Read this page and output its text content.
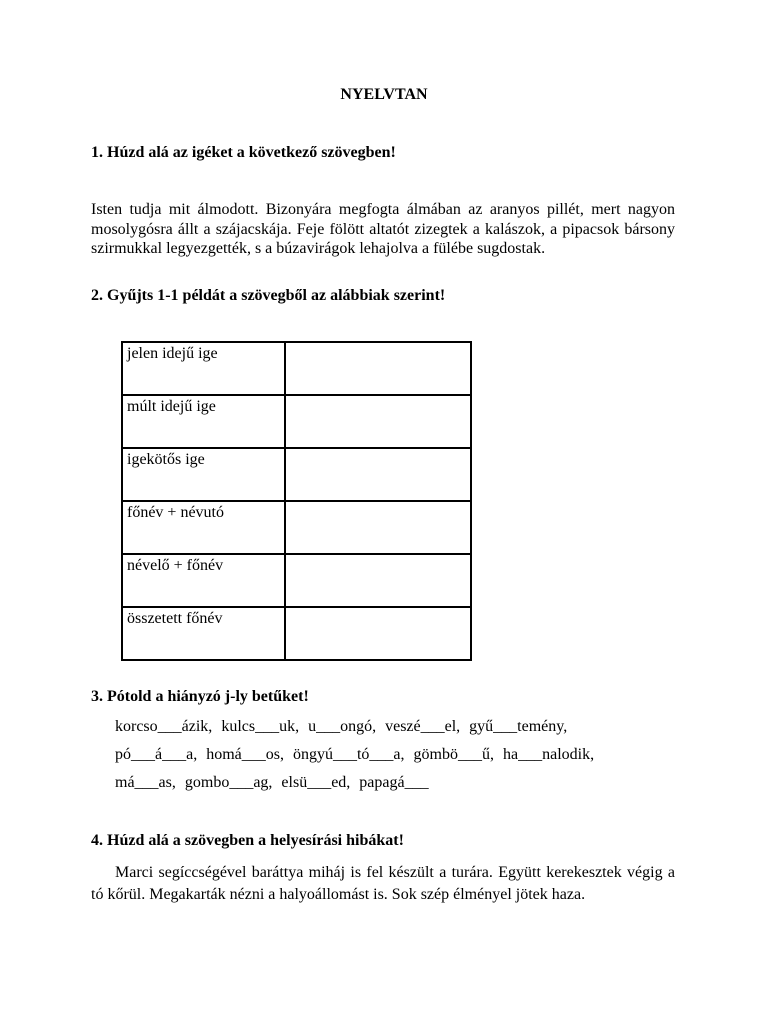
NYELVTAN
1. Húzd alá az igéket a következő szövegben!

Isten tudja mit álmodott. Bizonyára megfogta álmában az aranyos pillét, mert nagyon mosolygósra állt a szájacskája. Feje fölött altatót zizegtek a kalászok, a pipacsok bársony szirmukkal legyezgették, s a búzavirágok lehajolva a fülébe sugdostak.

2. Gyűjts 1-1 példát a szövegből az alábbiak szerint!
jelen idejű ige	
múlt idejű ige	
igekötős ige	
főnév + névutó	
névelő + főnév	
összetett főnév	
3. Pótold a hiányzó j-ly betűket!
korcso___ázik, kulcs___uk, u___ongó, veszé___el, gyű___temény,
pó___á___a, homá___os, öngyú___tó___a, gömbö___ű, ha___nalodik,
má___as, gombo___ag, elsü___ed, papagá___
4. Húzd alá a szövegben a helyesírási hibákat!

Marci segíccségével baráttya miháj is fel készült a turára. Együtt kerekesztek végig a tó kőrül. Megakarták nézni a halyoállomást is. Sok szép élményel jötek haza.
